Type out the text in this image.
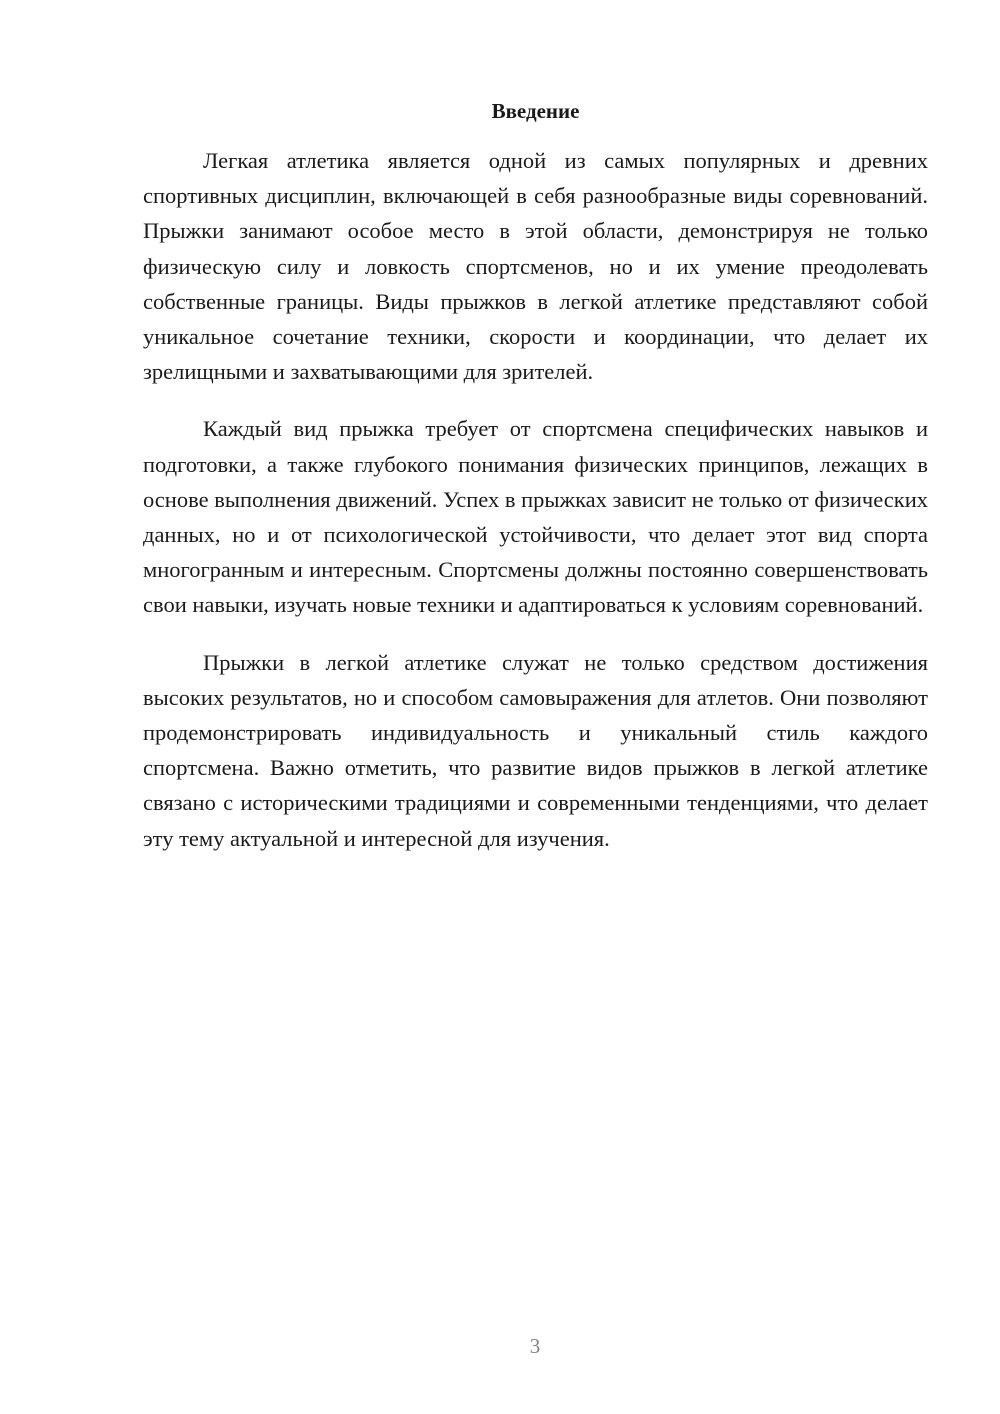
Введение

Легкая атлетика является одной из самых популярных и древних спортивных дисциплин, включающей в себя разнообразные виды соревнований. Прыжки занимают особое место в этой области, демонстрируя не только физическую силу и ловкость спортсменов, но и их умение преодолевать собственные границы. Виды прыжков в легкой атлетике представляют собой уникальное сочетание техники, скорости и координации, что делает их зрелищными и захватывающими для зрителей.

Каждый вид прыжка требует от спортсмена специфических навыков и подготовки, а также глубокого понимания физических принципов, лежащих в основе выполнения движений. Успех в прыжках зависит не только от физических данных, но и от психологической устойчивости, что делает этот вид спорта многогранным и интересным. Спортсмены должны постоянно совершенствовать свои навыки, изучать новые техники и адаптироваться к условиям соревнований.

Прыжки в легкой атлетике служат не только средством достижения высоких результатов, но и способом самовыражения для атлетов. Они позволяют продемонстрировать индивидуальность и уникальный стиль каждого спортсмена. Важно отметить, что развитие видов прыжков в легкой атлетике связано с историческими традициями и современными тенденциями, что делает эту тему актуальной и интересной для изучения.

3
